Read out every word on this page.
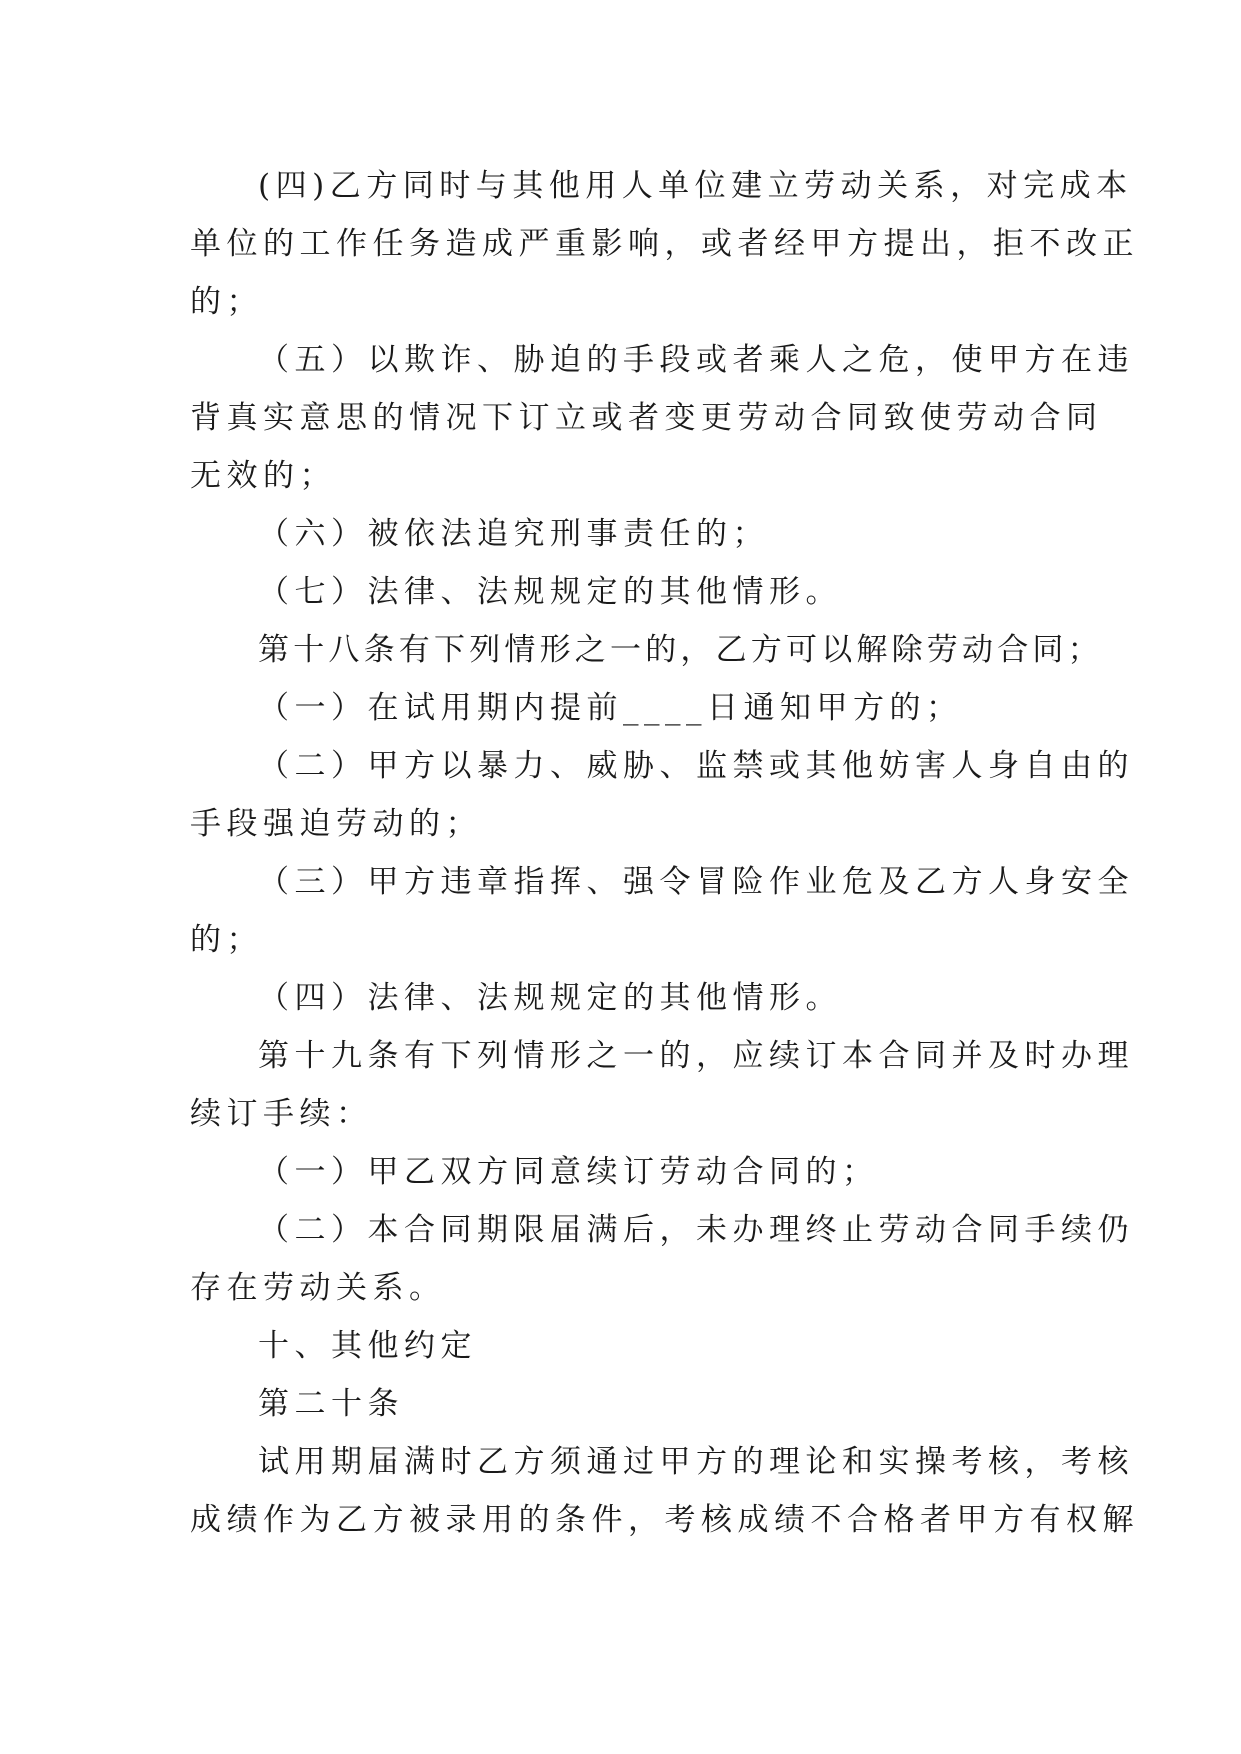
(四)乙方同时与其他用人单位建立劳动关系，对完成本
单位的工作任务造成严重影响，或者经甲方提出，拒不改正
的；
（五）以欺诈、胁迫的手段或者乘人之危，使甲方在违
背真实意思的情况下订立或者变更劳动合同致使劳动合同
无效的；
（六）被依法追究刑事责任的；
（七）法律、法规规定的其他情形。
第十八条有下列情形之一的，乙方可以解除劳动合同；
（一）在试用期内提前____日通知甲方的；
（二）甲方以暴力、威胁、监禁或其他妨害人身自由的
手段强迫劳动的；
（三）甲方违章指挥、强令冒险作业危及乙方人身安全
的；
（四）法律、法规规定的其他情形。
第十九条有下列情形之一的，应续订本合同并及时办理
续订手续：
（一）甲乙双方同意续订劳动合同的；
（二）本合同期限届满后，未办理终止劳动合同手续仍
存在劳动关系。
十、其他约定
第二十条
试用期届满时乙方须通过甲方的理论和实操考核，考核
成绩作为乙方被录用的条件，考核成绩不合格者甲方有权解
